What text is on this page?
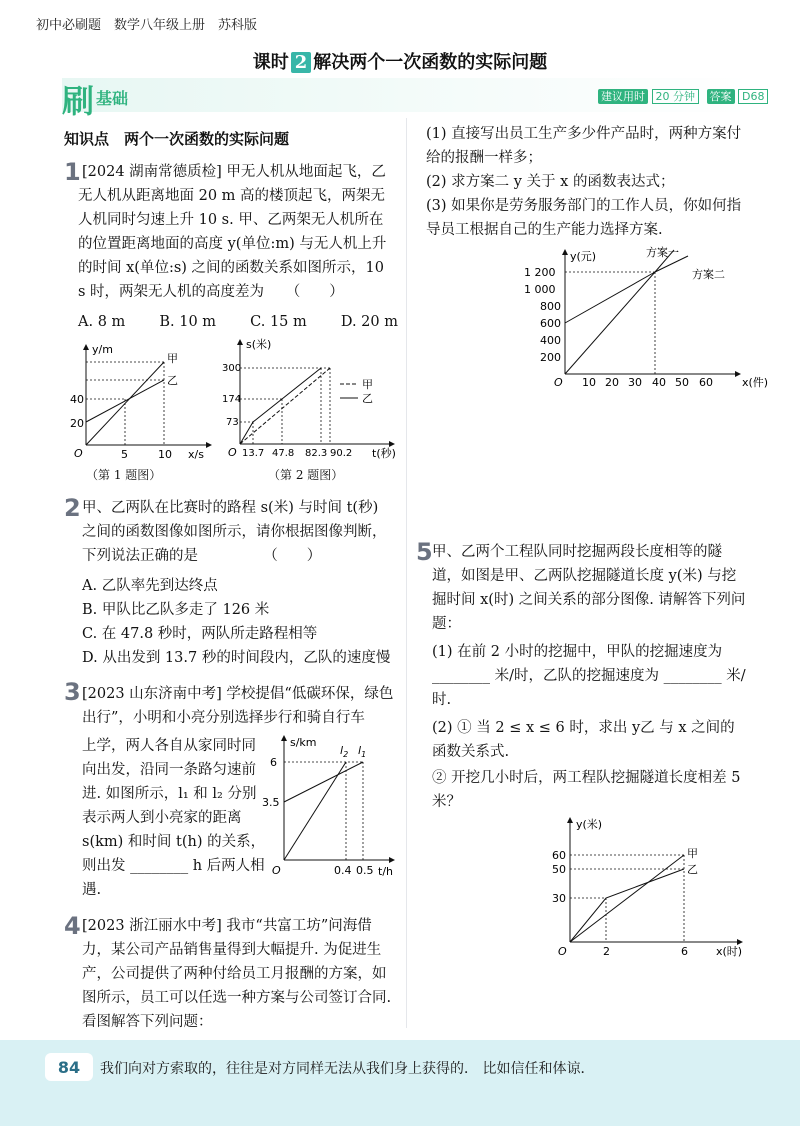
初中必刷题　数学八年级上册　苏科版
课时 2 解决两个一次函数的实际问题
刷 基础	建议用时 20 分钟 答案 D68
知识点　两个一次函数的实际问题
1 [2024 湖南常德质检] 甲无人机从地面起飞，乙无人机从距离地面 20 m 高的楼顶起飞，两架无人机同时匀速上升 10 s. 甲、乙两架无人机所在的位置距离地面的高度 y(单位:m) 与无人机上升的时间 x(单位:s) 之间的函数关系如图所示，10 s 时，两架无人机的高度差为　　（　　）
A. 8 m B. 10 m C. 15 m D. 20 m
y/m
x/s
O
40
20
5	10
甲
乙
（第 1 题图）
s(米)
t(秒)
O
300
174
73
13.7 47.8 82.3 90.2
甲
乙
（第 2 题图）
2 甲、乙两队在比赛时的路程 s(米) 与时间 t(秒) 之间的函数图像如图所示，请你根据图像判断，下列说法正确的是　　　　　（　　）
A. 乙队率先到达终点
B. 甲队比乙队多走了 126 米
C. 在 47.8 秒时，两队所走路程相等
D. 从出发到 13.7 秒的时间段内，乙队的速度慢
3 [2023 山东济南中考] 学校提倡“低碳环保，绿色出行”，小明和小亮分别选择步行和骑自行车
上学，两人各自从家同时同向出发，沿同一条路匀速前进. 如图所示，l₁ 和 l₂ 分别表示两人到小亮家的距离 s(km) 和时间 t(h) 的关系，则出发 ________ h 后两人相遇.
s/km
t/h
O
6
3.5
0.4 0.5
$l_2$ $l_1$
4 [2023 浙江丽水中考] 我市“共富工坊”问海借力，某公司产品销售量得到大幅提升. 为促进生产，公司提供了两种付给员工月报酬的方案，如图所示，员工可以任选一种方案与公司签订合同. 看图解答下列问题：
(1) 直接写出员工生产多少件产品时，两种方案付给的报酬一样多；
(2) 求方案二 y 关于 x 的函数表达式；
(3) 如果你是劳务服务部门的工作人员，你如何指导员工根据自己的生产能力选择方案.
y(元)
x(件)
O
1 200
1 000
800
600
400
200
10 20 30 40 50 60
方案一
方案二
5 甲、乙两个工程队同时挖掘两段长度相等的隧道，如图是甲、乙两队挖掘隧道长度 y(米) 与挖掘时间 x(时) 之间关系的部分图像. 请解答下列问题：
(1) 在前 2 小时的挖掘中，甲队的挖掘速度为 ________ 米/时，乙队的挖掘速度为 ________ 米/时.
(2) ① 当 2 ≤ x ≤ 6 时，求出 y乙 与 x 之间的函数关系式.
② 开挖几小时后，两工程队挖掘隧道长度相差 5 米？
y(米)
x(时)
O
60
50
30
2	6
甲
乙
84	我们向对方索取的，往往是对方同样无法从我们身上获得的． 比如信任和体谅．
